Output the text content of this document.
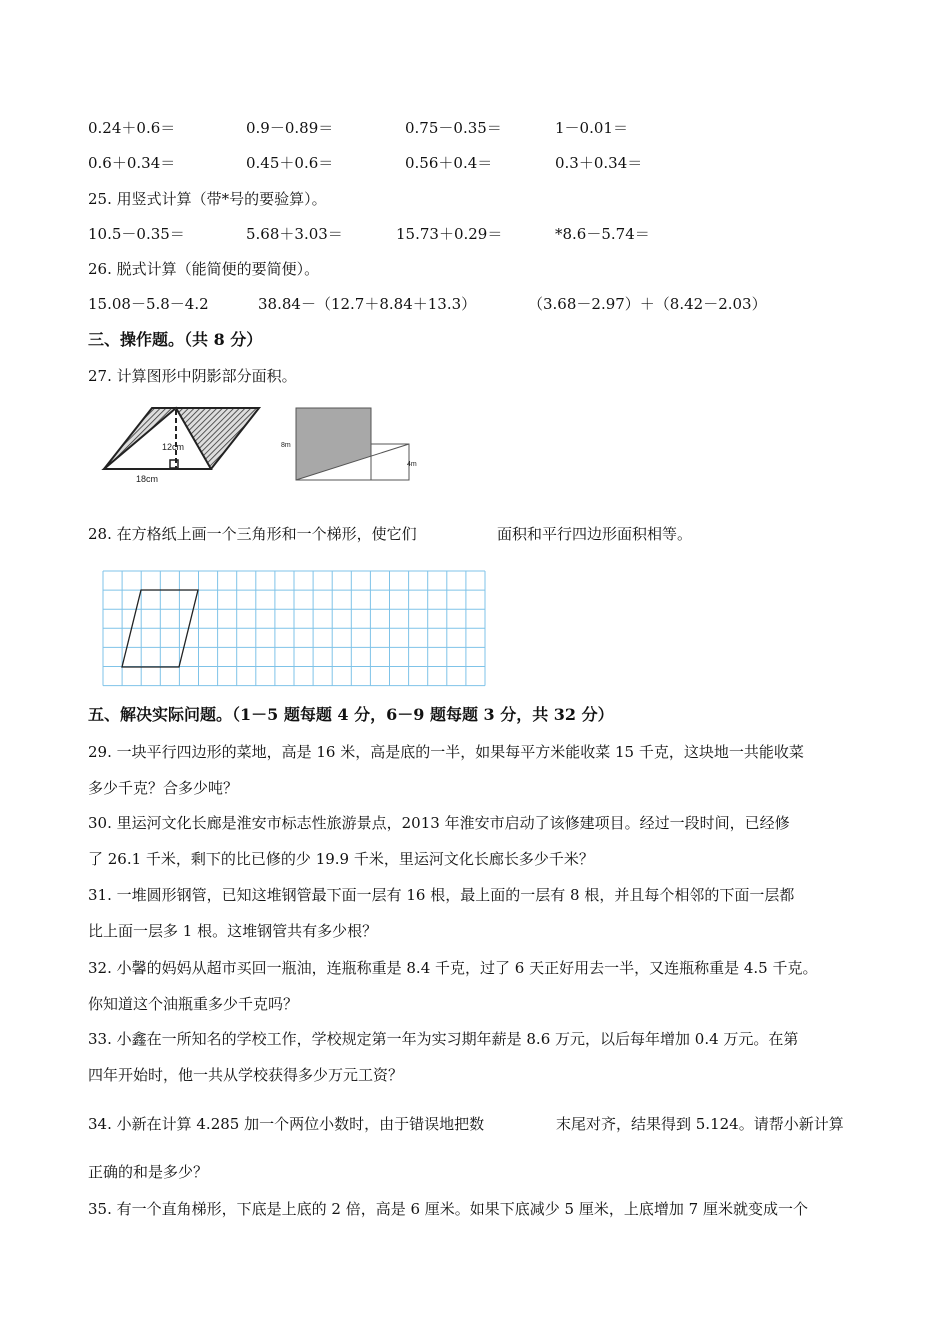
0.24＋0.6＝	0.9－0.89＝	0.75－0.35＝	1－0.01＝
0.6＋0.34＝	0.45＋0.6＝	0.56＋0.4＝	0.3＋0.34＝
25. 用竖式计算（带*号的要验算）。
10.5－0.35＝	5.68＋3.03＝	15.73＋0.29＝	*8.6－5.74＝
26. 脱式计算（能简便的要简便）。
15.08－5.8－4.2	38.84－（12.7＋8.84＋13.3）	（3.68－2.97）＋（8.42－2.03）
三、操作题。（共 8 分）
27. 计算图形中阴影部分面积。
12cm
18cm
8m
4m
28. 在方格纸上画一个三角形和一个梯形，使它们	面积和平行四边形面积相等。
五、解决实际问题。（1－5 题每题 4 分，6－9 题每题 3 分，共 32 分）
29. 一块平行四边形的菜地，高是 16 米，高是底的一半，如果每平方米能收菜 15 千克，这块地一共能收菜
多少千克？合多少吨？
30. 里运河文化长廊是淮安市标志性旅游景点，2013 年淮安市启动了该修建项目。经过一段时间，已经修
了 26.1 千米，剩下的比已修的少 19.9 千米，里运河文化长廊长多少千米？
31. 一堆圆形钢管，已知这堆钢管最下面一层有 16 根，最上面的一层有 8 根，并且每个相邻的下面一层都
比上面一层多 1 根。这堆钢管共有多少根？
32. 小馨的妈妈从超市买回一瓶油，连瓶称重是 8.4 千克，过了 6 天正好用去一半，又连瓶称重是 4.5 千克。
你知道这个油瓶重多少千克吗？
33. 小鑫在一所知名的学校工作，学校规定第一年为实习期年薪是 8.6 万元，以后每年增加 0.4 万元。在第
四年开始时，他一共从学校获得多少万元工资？
34. 小新在计算 4.285 加一个两位小数时，由于错误地把数	末尾对齐，结果得到 5.124。请帮小新计算
正确的和是多少？
35. 有一个直角梯形，下底是上底的 2 倍，高是 6 厘米。如果下底减少 5 厘米，上底增加 7 厘米就变成一个
